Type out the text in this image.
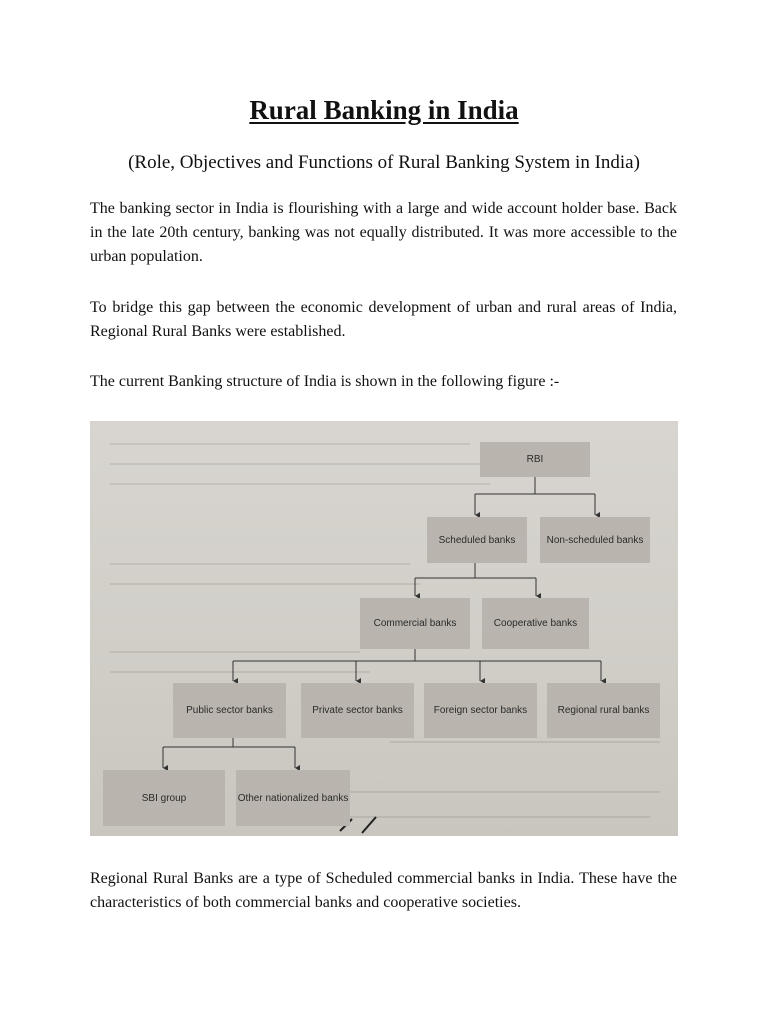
Rural Banking in India
(Role, Objectives and Functions of Rural Banking System in India)

The banking sector in India is flourishing with a large and wide account holder base. Back in the late 20th century, banking was not equally distributed. It was more accessible to the urban population.

To bridge this gap between the economic development of urban and rural areas of India, Regional Rural Banks were established.

The current Banking structure of India is shown in the following figure :-

RBI
Scheduled banks	Non-scheduled banks
Commercial banks	Cooperative banks
Public sector banks	Private sector banks	Foreign sector banks	Regional rural banks
SBI group	Other nationalized banks

Regional Rural Banks are a type of Scheduled commercial banks in India. These have the characteristics of both commercial banks and cooperative societies.
